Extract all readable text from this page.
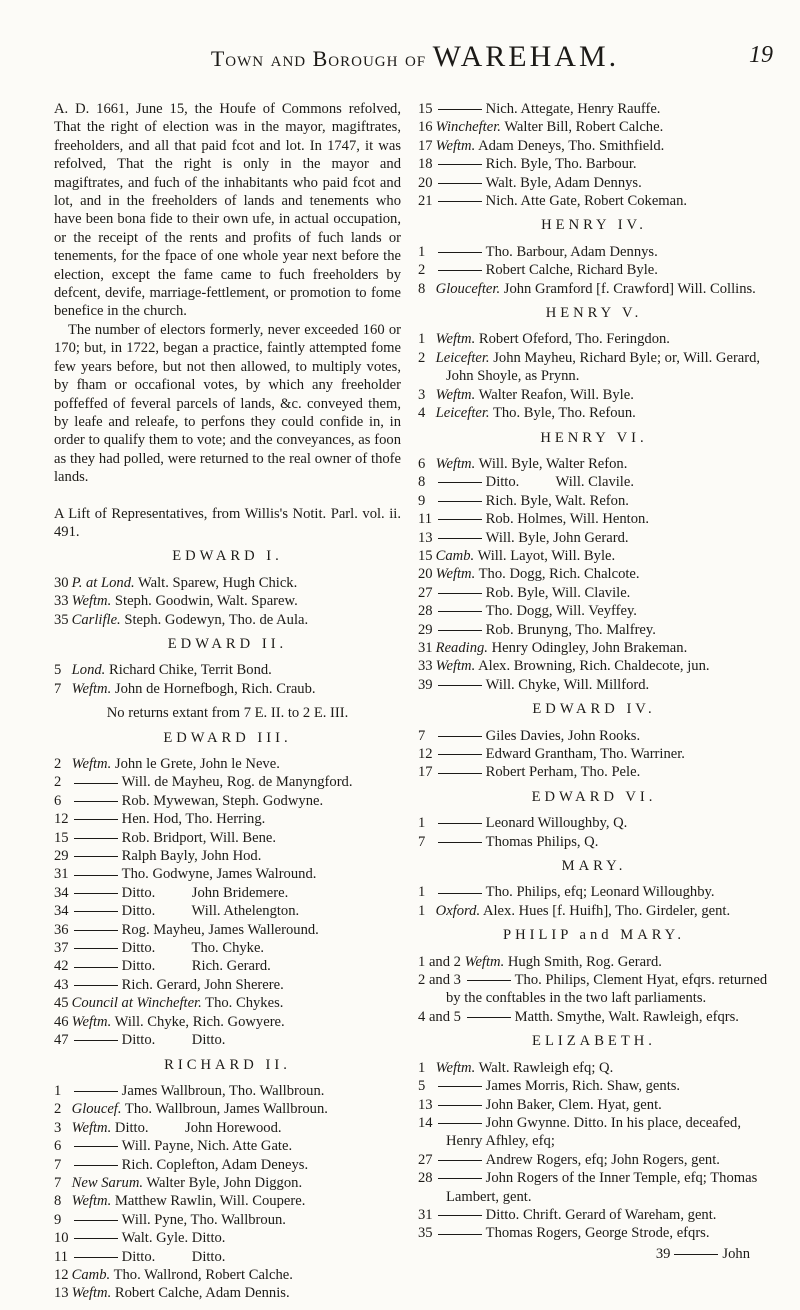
Town and Borough of WAREHAM.	19

A. D. 1661, June 15, the Houfe of Commons refolved, That the right of election was in the mayor, magiftrates, freeholders, and all that paid fcot and lot. In 1747, it was refolved, That the right is only in the mayor and magiftrates, and fuch of the inhabitants who paid fcot and lot, and in the freeholders of lands and tenements who have been bona fide to their own ufe, in actual occupation, or the receipt of the rents and profits of fuch lands or tenements, for the fpace of one whole year next before the election, except the fame came to fuch freeholders by defcent, devife, marriage-fettlement, or promotion to fome benefice in the church.

The number of electors formerly, never exceeded 160 or 170; but, in 1722, began a practice, faintly attempted fome few years before, but not then allowed, to multiply votes, by fham or occafional votes, by which any freeholder poffeffed of feveral parcels of lands, &c. conveyed them, by leafe and releafe, to perfons they could confide in, in order to qualify them to vote; and the conveyances, as foon as they had polled, were returned to the real owner of thofe lands.

A Lift of Representatives, from Willis's Notit. Parl. vol. ii. 491.

EDWARD I.
30 P. at Lond. Walt. Sparew, Hugh Chick.
33 Weftm. Steph. Goodwin, Walt. Sparew.
35 Carlifle. Steph. Godewyn, Tho. de Aula.
EDWARD II.
5 Lond. Richard Chike, Territ Bond.
7 Weftm. John de Hornefbogh, Rich. Craub.
No returns extant from 7 E. II. to 2 E. III.
EDWARD III.
2 Weftm. John le Grete, John le Neve.
2	Will. de Mayheu, Rog. de Manyngford.
6	Rob. Mywewan, Steph. Godwyne.
12	Hen. Hod, Tho. Herring.
15	Rob. Bridport, Will. Bene.
29	Ralph Bayly, John Hod.
31	Tho. Godwyne, James Walround.
34	Ditto.          John Bridemere.
34	Ditto.          Will. Athelengton.
36	Rog. Mayheu, James Walleround.
37	Ditto.          Tho. Chyke.
42	Ditto.          Rich. Gerard.
43	Rich. Gerard, John Sherere.
45 Council at Winchefter. Tho. Chykes.
46 Weftm. Will. Chyke, Rich. Gowyere.
47	Ditto.          Ditto.
RICHARD II.
1	James Wallbroun, Tho. Wallbroun.
2 Gloucef. Tho. Wallbroun, James Wallbroun.
3 Weftm. Ditto.          John Horewood.
6	Will. Payne, Nich. Atte Gate.
7	Rich. Coplefton, Adam Deneys.
7 New Sarum. Walter Byle, John Diggon.
8 Weftm. Matthew Rawlin, Will. Coupere.
9	Will. Pyne, Tho. Wallbroun.
10	Walt. Gyle. Ditto.
11	Ditto.          Ditto.
12 Camb. Tho. Wallrond, Robert Calche.
13 Weftm. Robert Calche, Adam Dennis.
15	Nich. Attegate, Henry Rauffe.
16 Winchefter. Walter Bill, Robert Calche.
17 Weftm. Adam Deneys, Tho. Smithfield.
18	Rich. Byle, Tho. Barbour.
20	Walt. Byle, Adam Dennys.
21	Nich. Atte Gate, Robert Cokeman.
HENRY IV.
1	Tho. Barbour, Adam Dennys.
2	Robert Calche, Richard Byle.
8 Gloucefter. John Gramford [f. Crawford] Will. Collins.
HENRY V.
1 Weftm. Robert Ofeford, Tho. Feringdon.
2 Leicefter. John Mayheu, Richard Byle; or, Will. Gerard, John Shoyle, as Prynn.
3 Weftm. Walter Reafon, Will. Byle.
4 Leicefter. Tho. Byle, Tho. Refoun.
HENRY VI.
6 Weftm. Will. Byle, Walter Refon.
8	Ditto.          Will. Clavile.
9	Rich. Byle, Walt. Refon.
11	Rob. Holmes, Will. Henton.
13	Will. Byle, John Gerard.
15 Camb. Will. Layot, Will. Byle.
20 Weftm. Tho. Dogg, Rich. Chalcote.
27	Rob. Byle, Will. Clavile.
28	Tho. Dogg, Will. Veyffey.
29	Rob. Brunyng, Tho. Malfrey.
31 Reading. Henry Odingley, John Brakeman.
33 Weftm. Alex. Browning, Rich. Chaldecote, jun.
39	Will. Chyke, Will. Millford.
EDWARD IV.
7	Giles Davies, John Rooks.
12	Edward Grantham, Tho. Warriner.
17	Robert Perham, Tho. Pele.
EDWARD VI.
1	Leonard Willoughby, Q.
7	Thomas Philips, Q.
MARY.
1	Tho. Philips, efq; Leonard Willoughby.
1 Oxford. Alex. Hues [f. Huifh], Tho. Girdeler, gent.
PHILIP and MARY.
1 and 2 Weftm. Hugh Smith, Rog. Gerard.
2 and 3	Tho. Philips, Clement Hyat, efqrs. returned by the conftables in the two laft parliaments.
4 and 5	Matth. Smythe, Walt. Rawleigh, efqrs.
ELIZABETH.
1 Weftm. Walt. Rawleigh efq; Q.
5	James Morris, Rich. Shaw, gents.
13	John Baker, Clem. Hyat, gent.
14	John Gwynne. Ditto. In his place, deceafed, Henry Afhley, efq;
27	Andrew Rogers, efq; John Rogers, gent.
28	John Rogers of the Inner Temple, efq; Thomas Lambert, gent.
31	Ditto. Chrift. Gerard of Wareham, gent.
35	Thomas Rogers, George Strode, efqrs.
39	John
